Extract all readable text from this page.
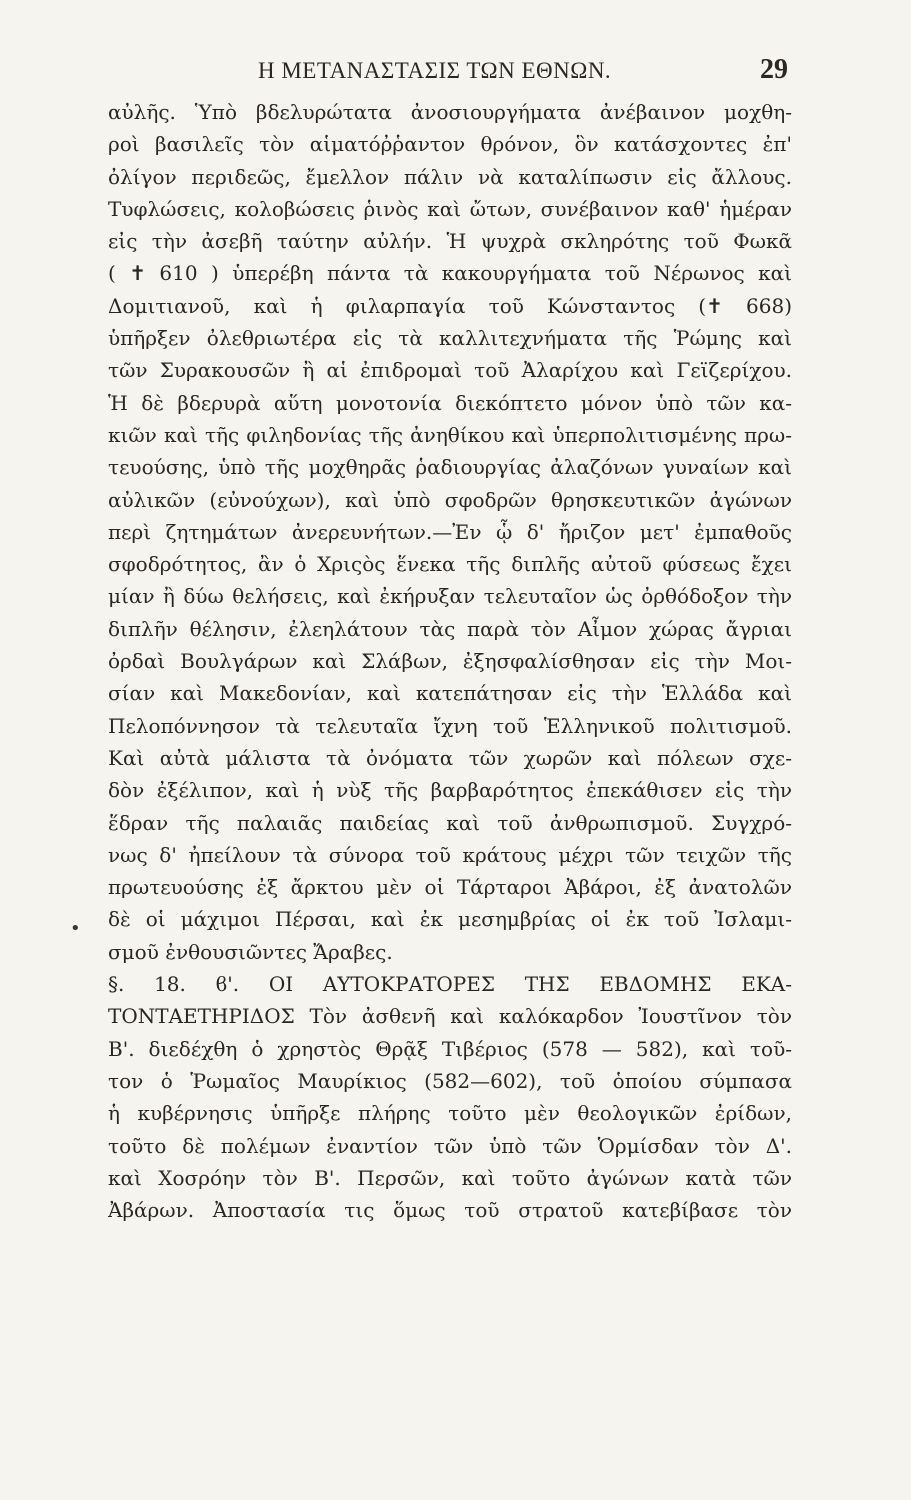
Η ΜΕΤΑΝΑΣΤΑΣΙΣ ΤΩΝ ΕΘΝΩΝ.	29
•
αὐλῆς. Ὑπὸ βδελυρώτατα ἀνοσιουργήματα ἀνέβαινον μοχθη-
ροὶ βασιλεῖς τὸν αἱματόῤῥαντον θρόνον, ὃν κατάσχοντες ἐπ'
ὀλίγον περιδεῶς, ἔμελλον πάλιν νὰ καταλίπωσιν εἰς ἄλλους.
Τυφλώσεις, κολοβώσεις ῥινὸς καὶ ὤτων, συνέβαινον καθ' ἡμέραν
εἰς τὴν ἀσεβῆ ταύτην αὐλήν. Ἡ ψυχρὰ σκληρότης τοῦ Φωκᾶ
( ✝ 610 ) ὑπερέβη πάντα τὰ κακουργήματα τοῦ Νέρωνος καὶ
Δομιτιανοῦ, καὶ ἡ φιλαρπαγία τοῦ Κώνσταντος (✝ 668)
ὑπῆρξεν ὀλεθριωτέρα εἰς τὰ καλλιτεχνήματα τῆς Ῥώμης καὶ
τῶν Συρακουσῶν ἢ αἱ ἐπιδρομαὶ τοῦ Ἀλαρίχου καὶ Γεϊζερίχου.
Ἡ δὲ βδερυρὰ αὕτη μονοτονία διεκόπτετο μόνον ὑπὸ τῶν κα-
κιῶν καὶ τῆς φιληδονίας τῆς ἀνηθίκου καὶ ὑπερπολιτισμένης πρω-
τευούσης, ὑπὸ τῆς μοχθηρᾶς ῥαδιουργίας ἀλαζόνων γυναίων καὶ
αὐλικῶν (εὐνούχων), καὶ ὑπὸ σφοδρῶν θρησκευτικῶν ἀγώνων
περὶ ζητημάτων ἀνερευνήτων.—Ἐν ᾧ δ' ἤριζον μετ' ἐμπαθοῦς
σφοδρότητος, ἂν ὁ Χριςὸς ἕνεκα τῆς διπλῆς αὐτοῦ φύσεως ἔχει
μίαν ἢ δύω θελήσεις, καὶ ἐκήρυξαν τελευταῖον ὡς ὀρθόδοξον τὴν
διπλῆν θέλησιν, ἐλεηλάτουν τὰς παρὰ τὸν Αἶμον χώρας ἄγριαι
ὀρδαὶ Βουλγάρων καὶ Σλάβων, ἐξησφαλίσθησαν εἰς τὴν Μοι-
σίαν καὶ Μακεδονίαν, καὶ κατεπάτησαν εἰς τὴν Ἑλλάδα καὶ
Πελοπόννησον τὰ τελευταῖα ἴχνη τοῦ Ἑλληνικοῦ πολιτισμοῦ.
Καὶ αὐτὰ μάλιστα τὰ ὀνόματα τῶν χωρῶν καὶ πόλεων σχε-
δὸν ἐξέλιπον, καὶ ἡ νὺξ τῆς βαρβαρότητος ἐπεκάθισεν εἰς τὴν
ἕδραν τῆς παλαιᾶς παιδείας καὶ τοῦ ἀνθρωπισμοῦ. Συγχρό-
νως δ' ἠπείλουν τὰ σύνορα τοῦ κράτους μέχρι τῶν τειχῶν τῆς
πρωτευούσης ἐξ ἄρκτου μὲν οἱ Τάρταροι Ἀβάροι, ἐξ ἀνατολῶν
δὲ οἱ μάχιμοι Πέρσαι, καὶ ἐκ μεσημβρίας οἱ ἐκ τοῦ Ἰσλαμι-
σμοῦ ἐνθουσιῶντες Ἄραβες.
§. 18. ϐ'. ΟΙ ΑΥΤΟΚΡΑΤΟΡΕΣ ΤΗΣ ΕΒΔΟΜΗΣ ΕΚΑ-
ΤΟΝΤΑΕΤΗΡΙΔΟΣ Τὸν ἀσθενῆ καὶ καλόκαρδον Ἰουστῖνον τὸν
Β'. διεδέχθη ὁ χρηστὸς Θρᾷξ Τιβέριος (578 — 582), καὶ τοῦ-
τον ὁ Ῥωμαῖος Μαυρίκιος (582—602), τοῦ ὁποίου σύμπασα
ἡ κυβέρνησις ὑπῆρξε πλήρης τοῦτο μὲν θεολογικῶν ἐρίδων,
τοῦτο δὲ πολέμων ἐναντίον τῶν ὑπὸ τῶν Ὁρμίσδαν τὸν Δ'.
καὶ Χοσρόην τὸν Β'. Περσῶν, καὶ τοῦτο ἀγώνων κατὰ τῶν
Ἀβάρων. Ἀποστασία τις ὅμως τοῦ στρατοῦ κατεβίβασε τὸν
